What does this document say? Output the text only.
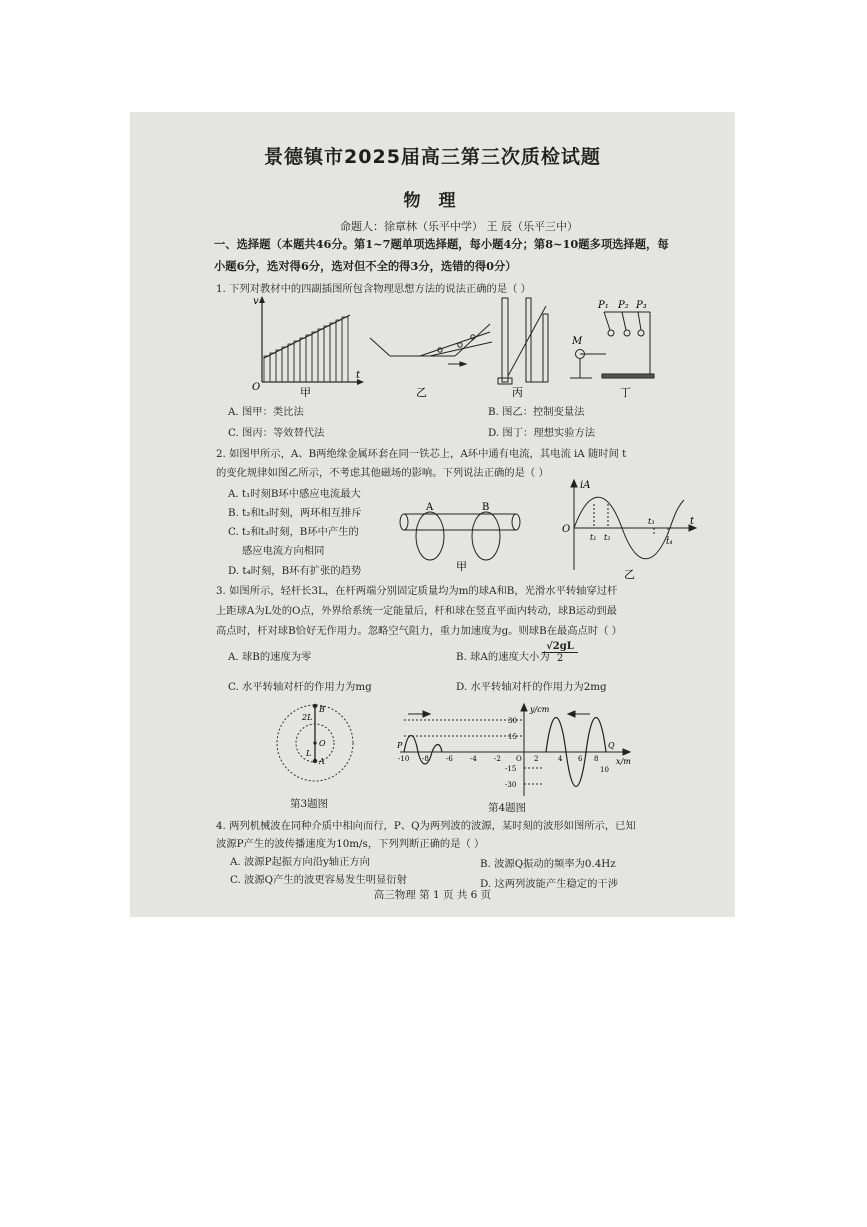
景德镇市2025届高三第三次质检试题
物 理
命题人：徐章林（乐平中学） 王 辰（乐平三中）
一、选择题（本题共46分。第1~7题单项选择题，每小题4分；第8~10题多项选择题，每
小题6分，选对得6分，选对但不全的得3分，选错的得0分）
1. 下列对教材中的四副插图所包含物理思想方法的说法正确的是（ ）
v
t
O	甲	乙	丙
P₁ P₂ P₃
M
丁
A. 图甲：类比法	B. 图乙：控制变量法
C. 图丙：等效替代法	D. 图丁：理想实验方法
2. 如图甲所示，A、B两绝缘金属环套在同一铁芯上，A环中通有电流，其电流 iA 随时间 t
的变化规律如图乙所示，不考虑其他磁场的影响。下列说法正确的是（ ）
A. t₁时刻B环中感应电流最大
B. t₂和t₃时刻，两环相互排斥
C. t₂和t₃时刻，B环中产生的
感应电流方向相同
D. t₄时刻，B环有扩张的趋势
A	B
甲
iA
t
O
t₁ t₂
t₃
t₄
乙
3. 如图所示，轻杆长3L，在杆两端分别固定质量均为m的球A和B，光滑水平转轴穿过杆
上距球A为L处的O点，外界给系统一定能量后，杆和球在竖直平面内转动，球B运动到最
高点时，杆对球B恰好无作用力。忽略空气阻力，重力加速度为g。则球B在最高点时（ ）
A. 球B的速度为零	B. 球A的速度大小为
$\frac{√2gL}{2}$
C. 水平转轴对杆的作用力为mg	D. 水平转轴对杆的作用力为2mg
B
2L
O
L
A
第3题图
y/cm
x/m
P	Q
30
15
-15
-30
-10 -8 -6 -4 -2 O 2	4 6 8
10
第4题图
4. 两列机械波在同种介质中相向而行，P、Q为两列波的波源，某时刻的波形如图所示，已知
波源P产生的波传播速度为10m/s，下列判断正确的是（ ）
A. 波源P起振方向沿y轴正方向	B. 波源Q振动的频率为0.4Hz
C. 波源Q产生的波更容易发生明显衍射	D. 这两列波能产生稳定的干涉
高三物理 第 1 页 共 6 页
